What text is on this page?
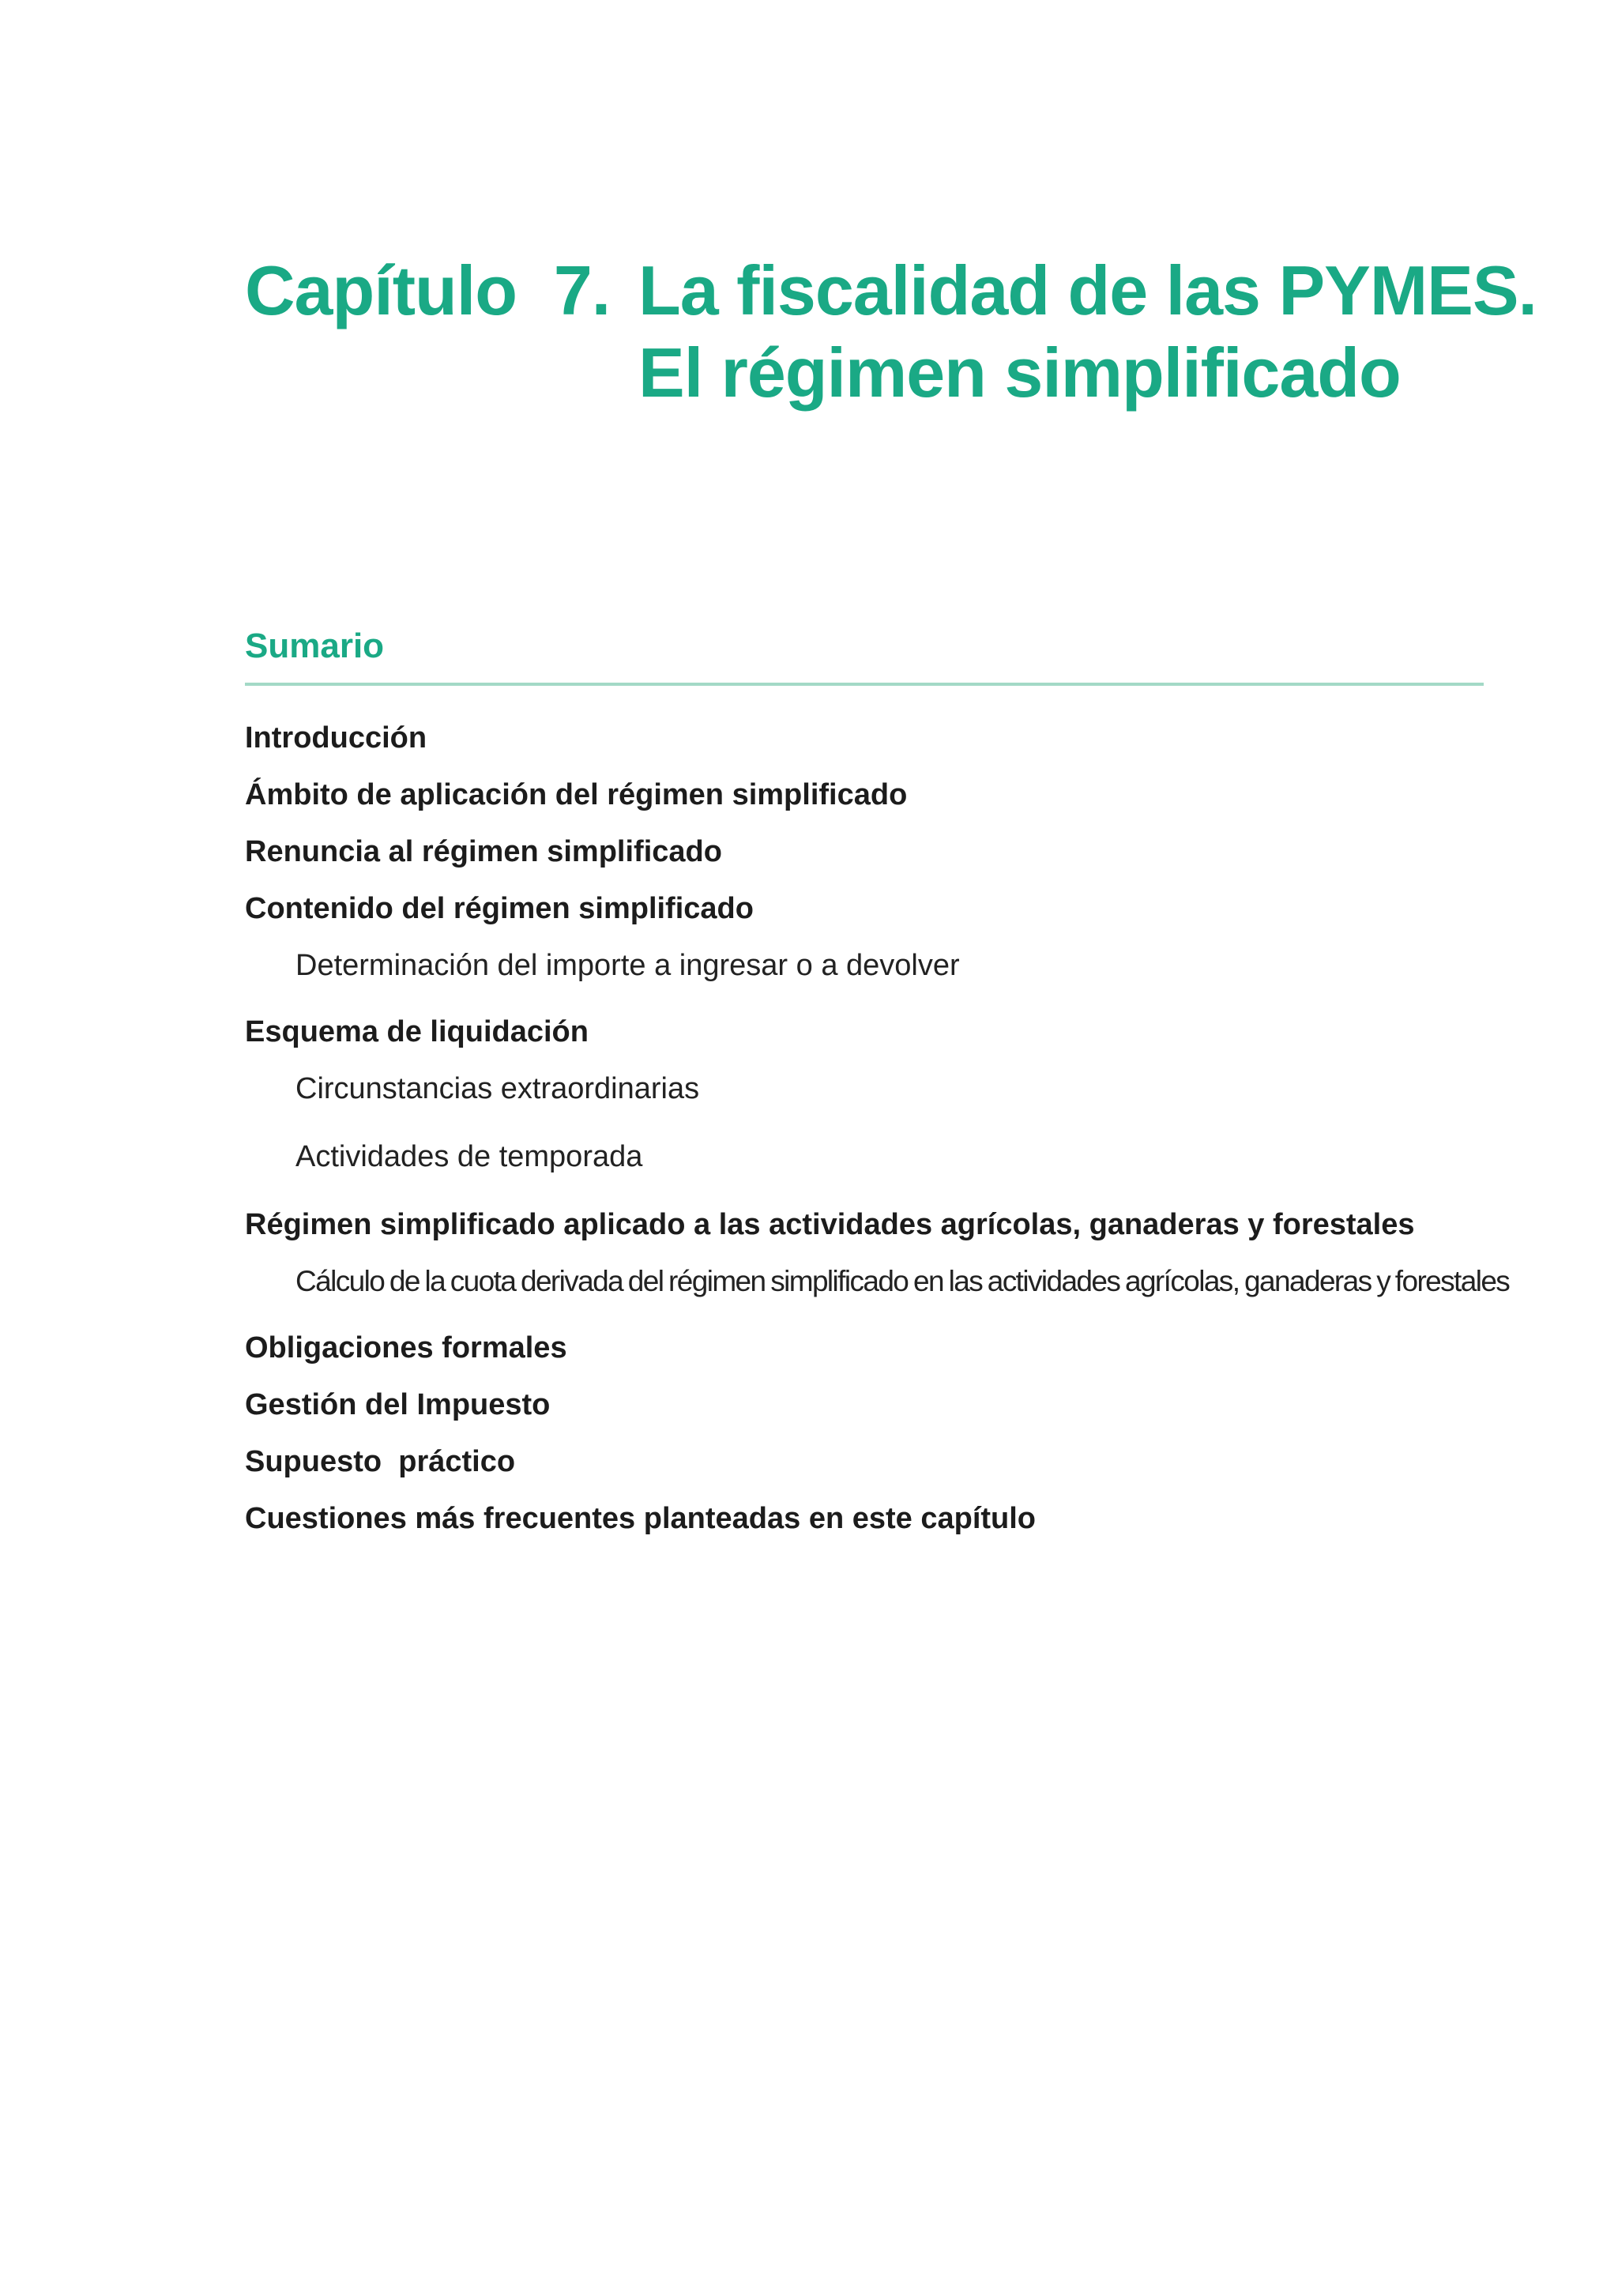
Capítulo  7. La fiscalidad de las PYMES.
El régimen simplificado
Sumario
Introducción
Ámbito de aplicación del régimen simplificado
Renuncia al régimen simplificado
Contenido del régimen simplificado
Determinación del importe a ingresar o a devolver
Esquema de liquidación
Circunstancias extraordinarias
Actividades de temporada
Régimen simplificado aplicado a las actividades agrícolas, ganaderas y forestales
Cálculo de la cuota derivada del régimen simplificado en las actividades agrícolas, ganaderas y forestales
Obligaciones formales
Gestión del Impuesto
Supuesto  práctico
Cuestiones más frecuentes planteadas en este capítulo
